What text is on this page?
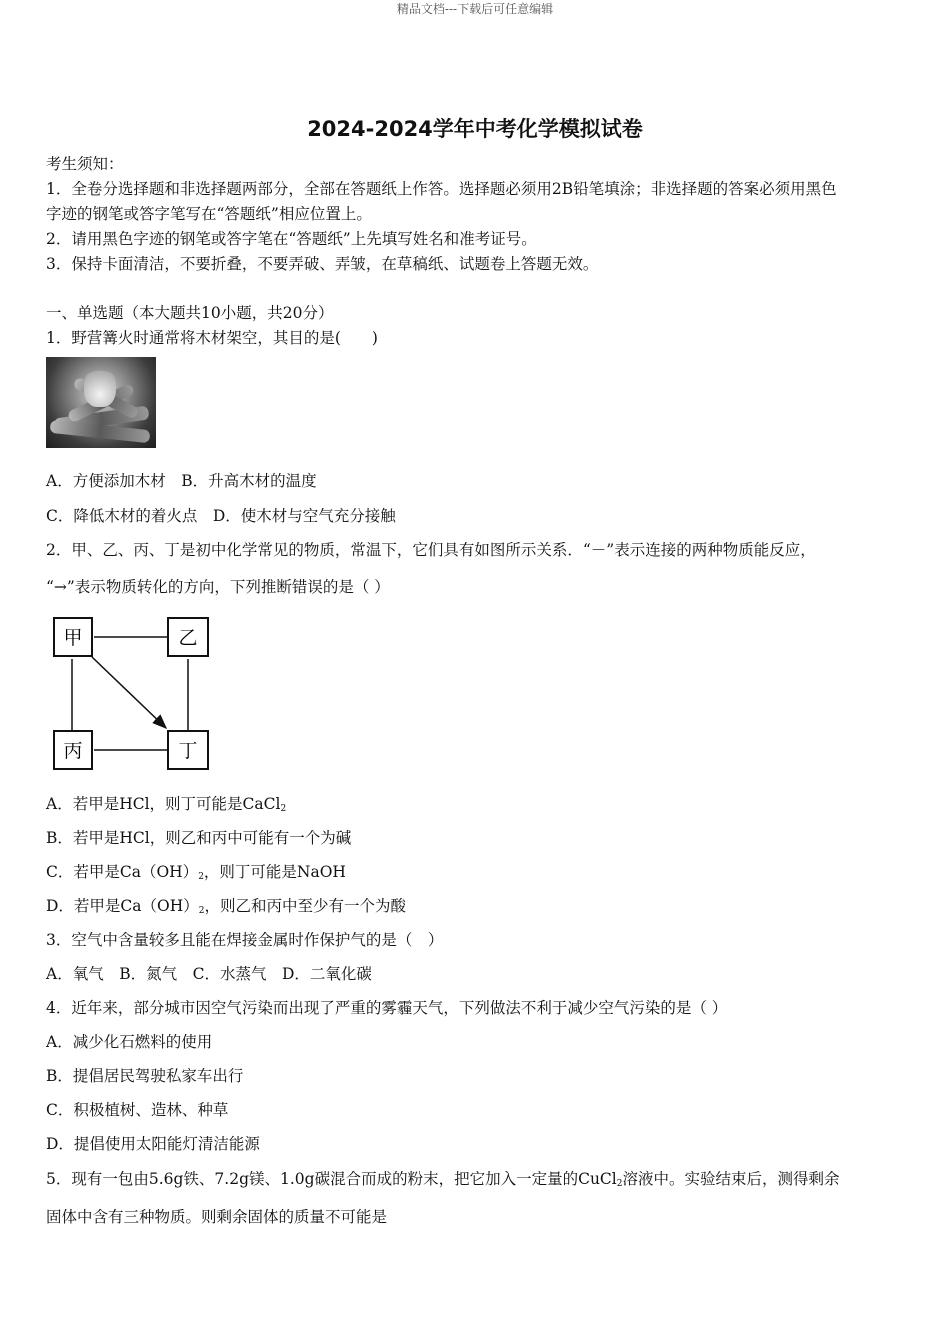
精品文档---下载后可任意编辑
2024-2024学年中考化学模拟试卷
考生须知：
1．全卷分选择题和非选择题两部分，全部在答题纸上作答。选择题必须用2B铅笔填涂；非选择题的答案必须用黑色
字迹的钢笔或答字笔写在“答题纸”相应位置上。
2．请用黑色字迹的钢笔或答字笔在“答题纸”上先填写姓名和准考证号。
3．保持卡面清洁，不要折叠，不要弄破、弄皱，在草稿纸、试题卷上答题无效。
一、单选题（本大题共10小题，共20分）
1．野营篝火时通常将木材架空，其目的是(　　)
A．方便添加木材　B．升高木材的温度
C．降低木材的着火点　D．使木材与空气充分接触
2．甲、乙、丙、丁是初中化学常见的物质，常温下，它们具有如图所示关系．“－”表示连接的两种物质能反应，
“→”表示物质转化的方向，下列推断错误的是（ ）
甲	乙
丙	丁
A．若甲是HCl，则丁可能是CaCl$_2$
B．若甲是HCl，则乙和丙中可能有一个为碱
C．若甲是$Ca(OH)_2$，则丁可能是NaOH
D．若甲是$Ca(OH)_2$，则乙和丙中至少有一个为酸
3．空气中含量较多且能在焊接金属时作保护气的是（　）
A．氧气　B．氮气　C．水蒸气　D．二氧化碳
4．近年来，部分城市因空气污染而出现了严重的雾霾天气，下列做法不利于减少空气污染的是（ ）
A．减少化石燃料的使用
B．提倡居民驾驶私家车出行
C．积极植树、造林、种草
D．提倡使用太阳能灯清洁能源
5．现有一包由5.6g铁、7.2g镁、1.0g碳混合而成的粉末，把它加入一定量的CuCl$_2$溶液中。实验结束后，测得剩余
固体中含有三种物质。则剩余固体的质量不可能是
